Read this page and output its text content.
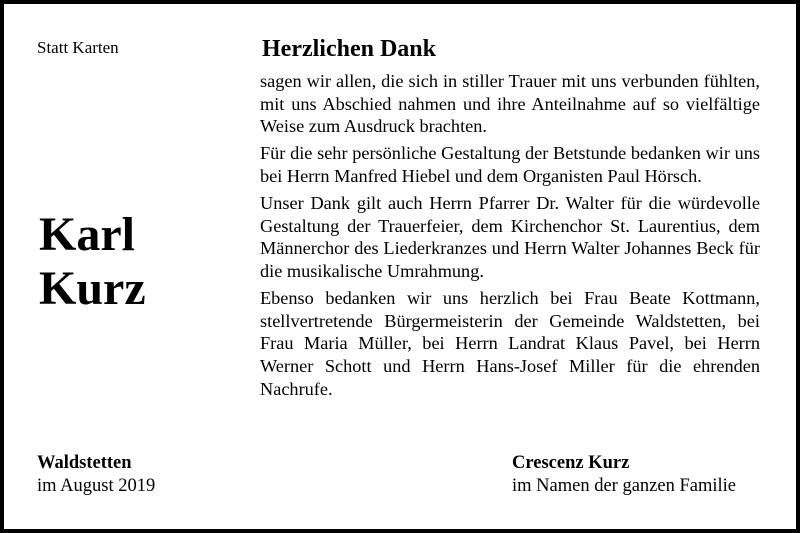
Statt Karten
Karl
Kurz
Herzlichen Dank

sagen wir allen, die sich in stiller Trauer mit uns verbunden fühlten, mit uns Abschied nahmen und ihre Anteilnahme auf so vielfältige Weise zum Ausdruck brachten.

Für die sehr persönliche Gestaltung der Betstunde bedanken wir uns bei Herrn Manfred Hiebel und dem Organisten Paul Hörsch.

Unser Dank gilt auch Herrn Pfarrer Dr. Walter für die würdevolle Gestaltung der Trauerfeier, dem Kirchenchor St. Laurentius, dem Männerchor des Liederkranzes und Herrn Walter Johannes Beck für die musikalische Umrahmung.

Ebenso bedanken wir uns herzlich bei Frau Beate Kottmann, stellvertretende Bürgermeisterin der Gemeinde Waldstetten, bei Frau Maria Müller, bei Herrn Landrat Klaus Pavel, bei Herrn Werner Schott und Herrn Hans-Josef Miller für die ehrenden Nachrufe.

Waldstetten
im August 2019
Crescenz Kurz
im Namen der ganzen Familie
